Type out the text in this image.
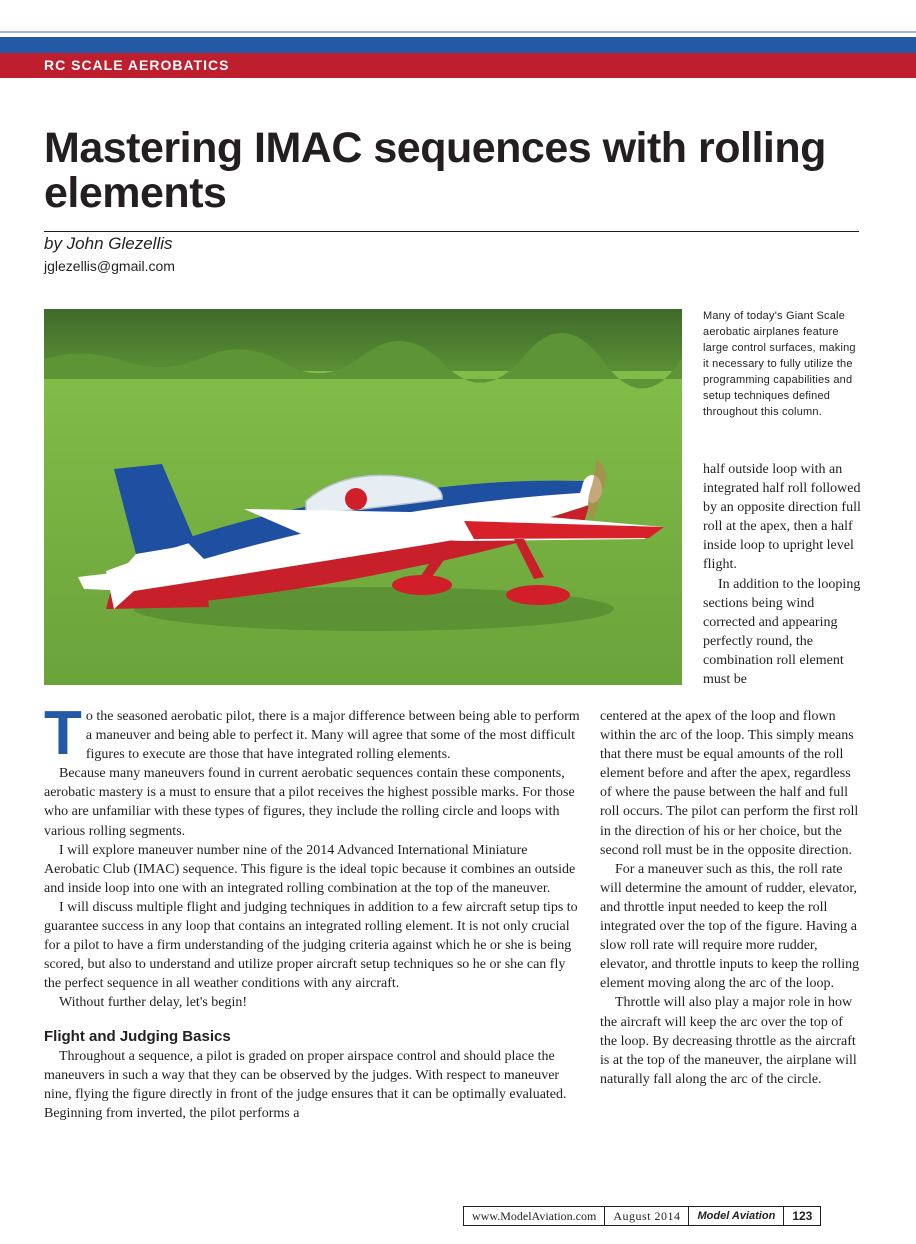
RC SCALE AEROBATICS
Mastering IMAC sequences with rolling elements
by John Glezellis
jglezellis@gmail.com

Many of today's Giant Scale aerobatic airplanes feature large control surfaces, making it necessary to fully utilize the programming capabilities and setup techniques defined throughout this column.

half outside loop with an integrated half roll followed by an opposite direction full roll at the apex, then a half inside loop to upright level flight.

In addition to the looping sections being wind corrected and appearing perfectly round, the combination roll element must be

To the seasoned aerobatic pilot, there is a major difference between being able to perform a maneuver and being able to perfect it. Many will agree that some of the most difficult figures to execute are those that have integrated rolling elements.

Because many maneuvers found in current aerobatic sequences contain these components, aerobatic mastery is a must to ensure that a pilot receives the highest possible marks. For those who are unfamiliar with these types of figures, they include the rolling circle and loops with various rolling segments.

I will explore maneuver number nine of the 2014 Advanced International Miniature Aerobatic Club (IMAC) sequence. This figure is the ideal topic because it combines an outside and inside loop into one with an integrated rolling combination at the top of the maneuver.

I will discuss multiple flight and judging techniques in addition to a few aircraft setup tips to guarantee success in any loop that contains an integrated rolling element. It is not only crucial for a pilot to have a firm understanding of the judging criteria against which he or she is being scored, but also to understand and utilize proper aircraft setup techniques so he or she can fly the perfect sequence in all weather conditions with any aircraft.

Without further delay, let's begin!

Flight and Judging Basics

Throughout a sequence, a pilot is graded on proper airspace control and should place the maneuvers in such a way that they can be observed by the judges. With respect to maneuver nine, flying the figure directly in front of the judge ensures that it can be optimally evaluated. Beginning from inverted, the pilot performs a

centered at the apex of the loop and flown within the arc of the loop. This simply means that there must be equal amounts of the roll element before and after the apex, regardless of where the pause between the half and full roll occurs. The pilot can perform the first roll in the direction of his or her choice, but the second roll must be in the opposite direction.

For a maneuver such as this, the roll rate will determine the amount of rudder, elevator, and throttle input needed to keep the roll integrated over the top of the figure. Having a slow roll rate will require more rudder, elevator, and throttle inputs to keep the rolling element moving along the arc of the loop.

Throttle will also play a major role in how the aircraft will keep the arc over the top of the loop. By decreasing throttle as the aircraft is at the top of the maneuver, the airplane will naturally fall along the arc of the circle.

www.ModelAviation.com	August 2014	Model Aviation	123
